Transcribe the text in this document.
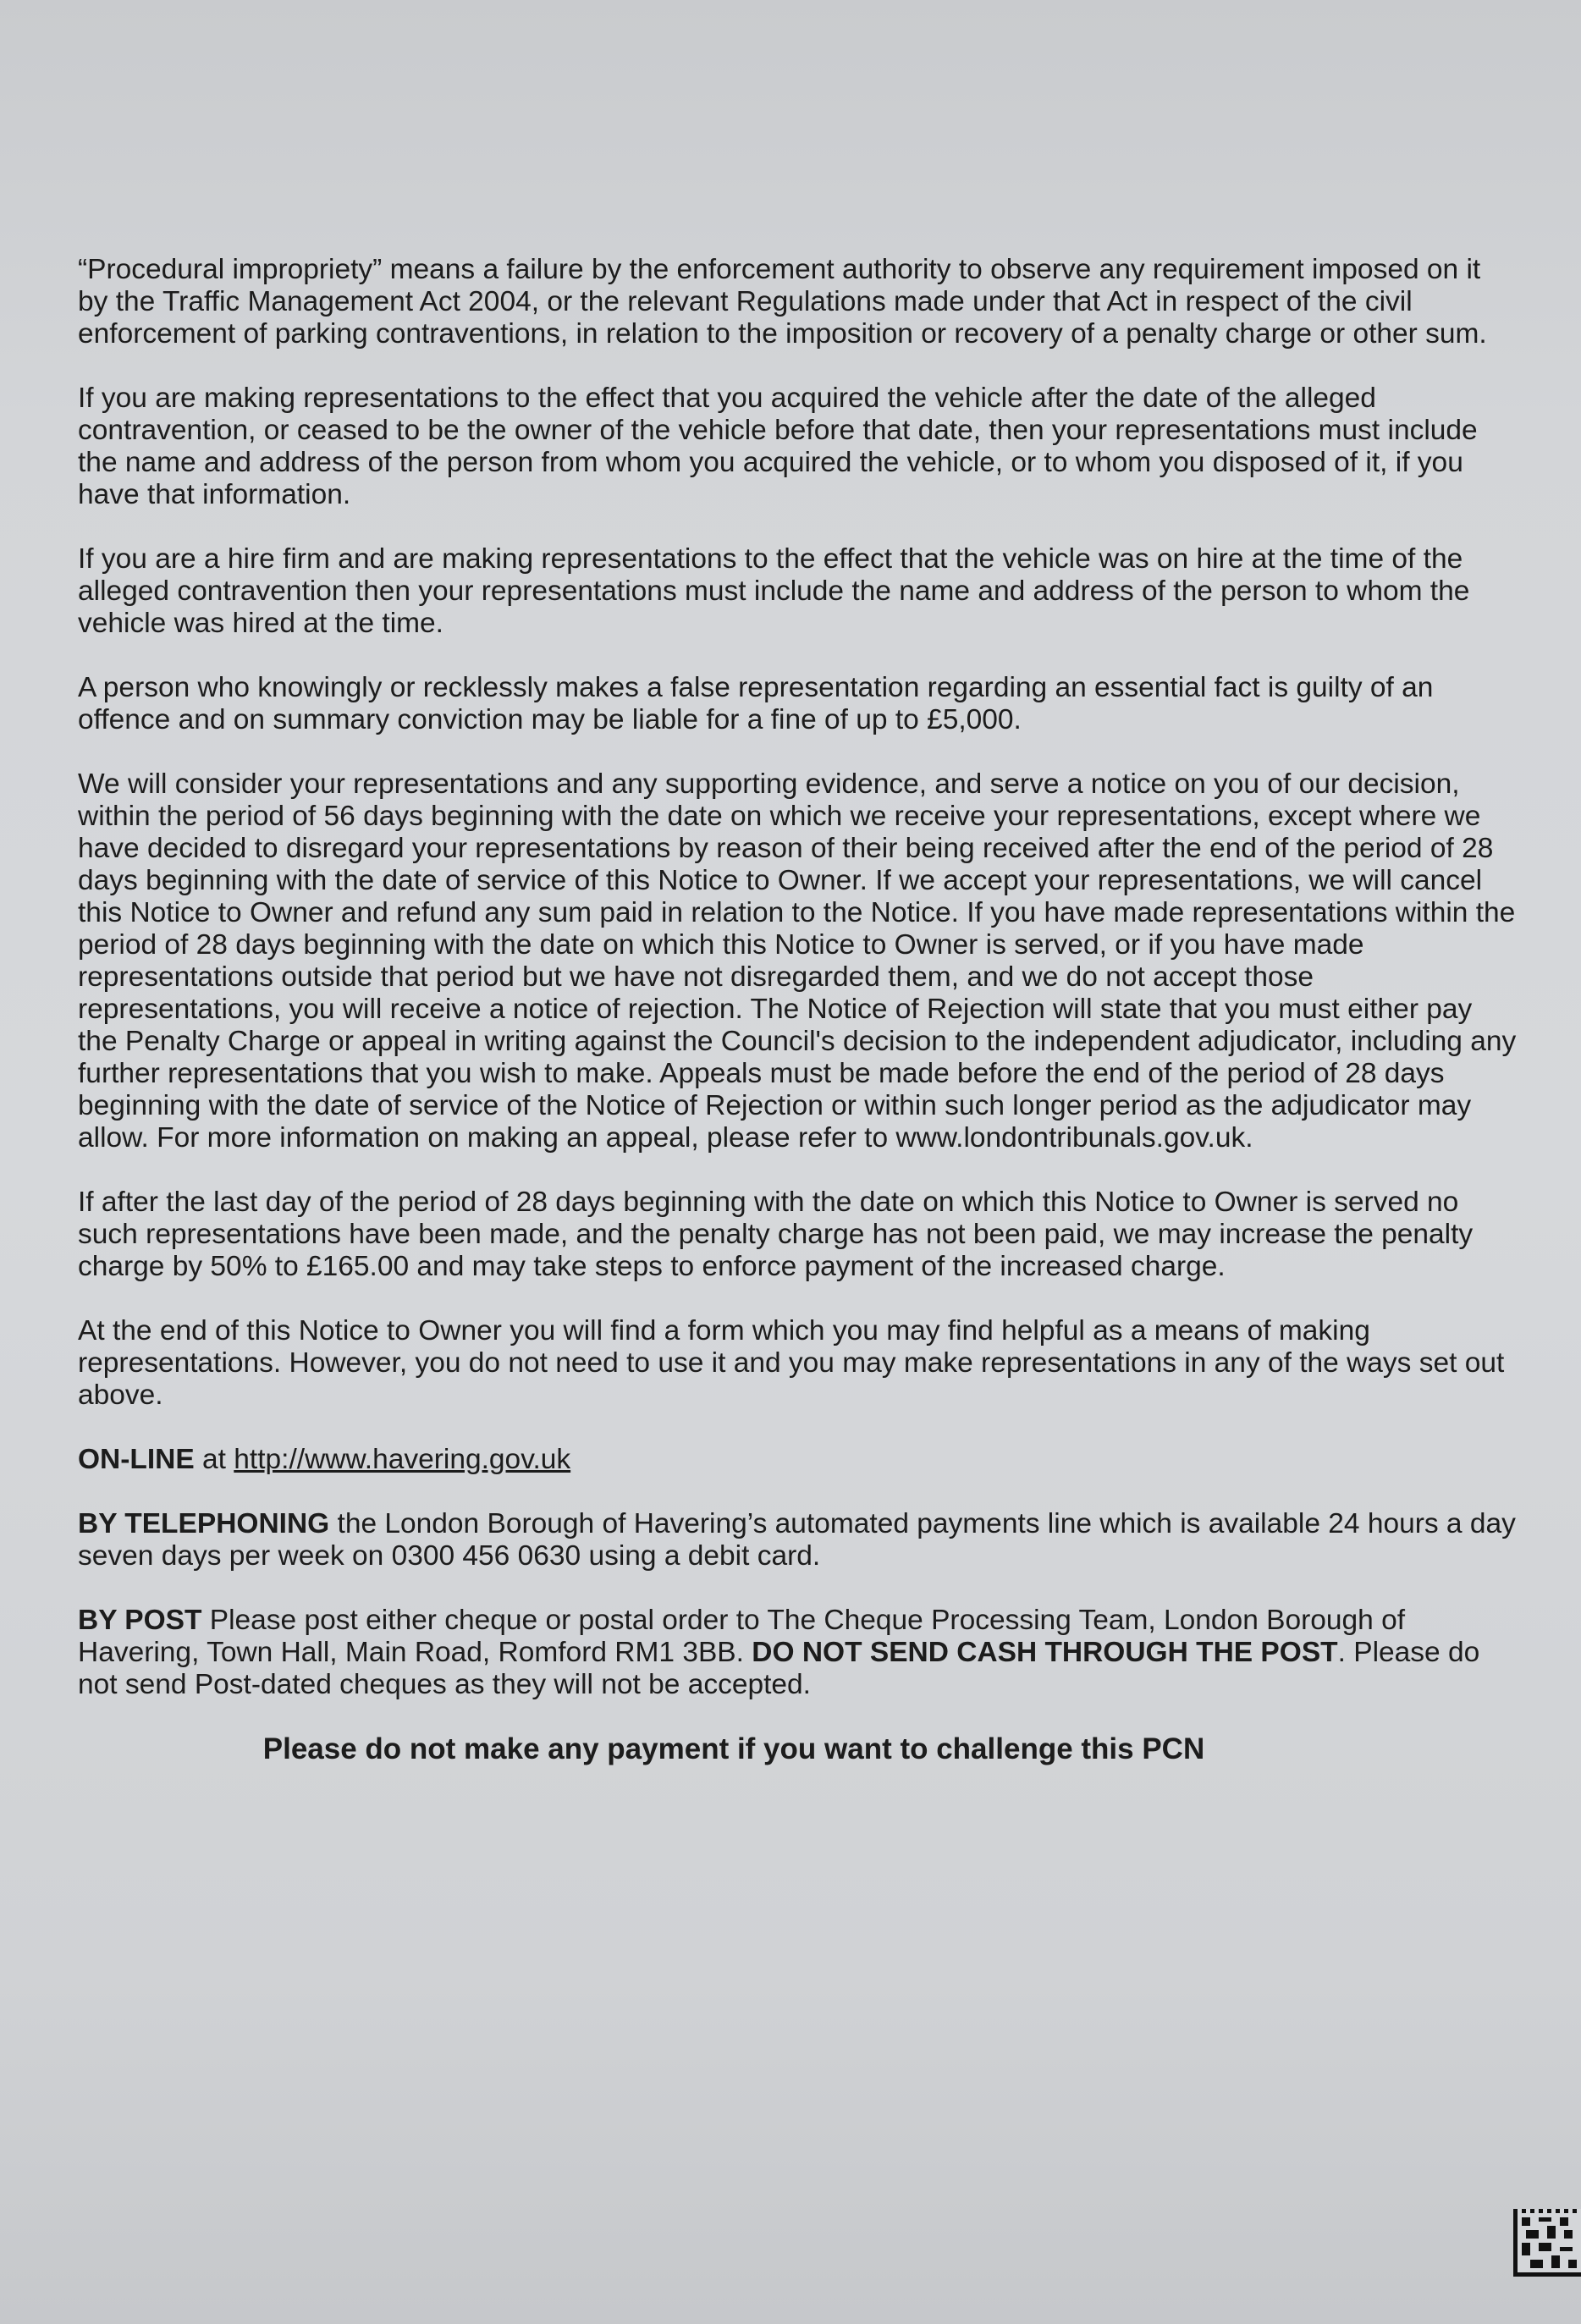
“Procedural impropriety” means a failure by the enforcement authority to observe any requirement imposed on it by the Traffic Management Act 2004, or the relevant Regulations made under that Act in respect of the civil enforcement of parking contraventions, in relation to the imposition or recovery of a penalty charge or other sum.

If you are making representations to the effect that you acquired the vehicle after the date of the alleged contravention, or ceased to be the owner of the vehicle before that date, then your representations must include the name and address of the person from whom you acquired the vehicle, or to whom you disposed of it, if you have that information.

If you are a hire firm and are making representations to the effect that the vehicle was on hire at the time of the alleged contravention then your representations must include the name and address of the person to whom the vehicle was hired at the time.

A person who knowingly or recklessly makes a false representation regarding an essential fact is guilty of an offence and on summary conviction may be liable for a fine of up to £5,000.

We will consider your representations and any supporting evidence, and serve a notice on you of our decision, within the period of 56 days beginning with the date on which we receive your representations, except where we have decided to disregard your representations by reason of their being received after the end of the period of 28 days beginning with the date of service of this Notice to Owner. If we accept your representations, we will cancel this Notice to Owner and refund any sum paid in relation to the Notice. If you have made representations within the period of 28 days beginning with the date on which this Notice to Owner is served, or if you have made representations outside that period but we have not disregarded them, and we do not accept those representations, you will receive a notice of rejection. The Notice of Rejection will state that you must either pay the Penalty Charge or appeal in writing against the Council's decision to the independent adjudicator, including any further representations that you wish to make. Appeals must be made before the end of the period of 28 days beginning with the date of service of the Notice of Rejection or within such longer period as the adjudicator may allow. For more information on making an appeal, please refer to www.londontribunals.gov.uk.

If after the last day of the period of 28 days beginning with the date on which this Notice to Owner is served no such representations have been made, and the penalty charge has not been paid, we may increase the penalty charge by 50% to £165.00 and may take steps to enforce payment of the increased charge.

At the end of this Notice to Owner you will find a form which you may find helpful as a means of making representations. However, you do not need to use it and you may make representations in any of the ways set out above.

ON-LINE at http://www.havering.gov.uk

BY TELEPHONING the London Borough of Havering’s automated payments line which is available 24 hours a day seven days per week on 0300 456 0630 using a debit card.

BY POST Please post either cheque or postal order to The Cheque Processing Team, London Borough of Havering, Town Hall, Main Road, Romford RM1 3BB. DO NOT SEND CASH THROUGH THE POST. Please do not send Post-dated cheques as they will not be accepted.

Please do not make any payment if you want to challenge this PCN
